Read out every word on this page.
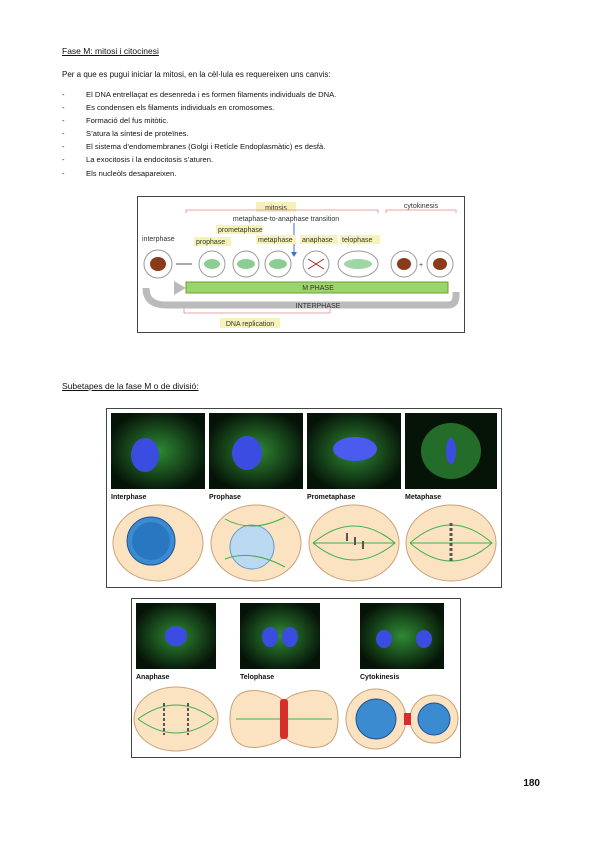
Fase M: mitosi i citocinesi
Per a que es pugui iniciar la mitosi, en la cèl·lula es requereixen uns canvis:
-	El DNA entrellaçat es desenreda i es formen filaments individuals de DNA.
-	Es condensen els filaments individuals en cromosomes.
-	Formació del fus mitòtic.
-	S’atura la síntesi de proteïnes.
-	El sistema d’endomembranes (Golgi i Retícle Endoplasmàtic) es desfà.
-	La exocitosis i la endocitosis s’aturen.
-	Els nucleòls desapareixen.
mitosis	cytokinesis
metaphase-to-anaphase transition
interphase
prometaphase
prophase	metaphase anaphase telophase
+
M PHASE
INTERPHASE
DNA replication
Subetapes de la fase M o de divisió:
Interphase	Prophase	Prometaphase	Metaphase
Anaphase	Telophase	Cytokinesis
180
